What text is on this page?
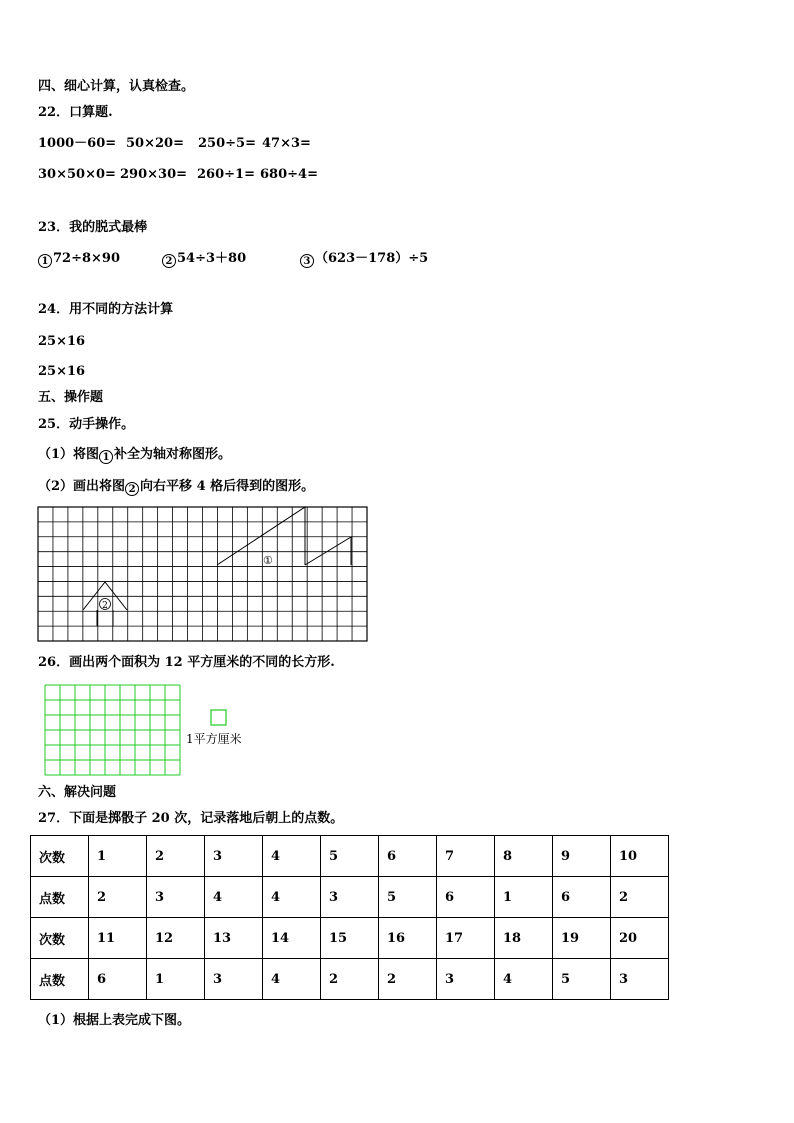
四、细心计算，认真检查。
22．口算题.
1000－60= 50×20=	250÷5= 47×3=
30×50×0= 290×30= 260÷1= 680÷4=
23．我的脱式最棒
1 72÷8×90	2 54÷3＋80	3 （623－178）÷5
24．用不同的方法计算
25×16
25×16
五、操作题
25．动手操作。
（1）将图 1 补全为轴对称图形。
（2）画出将图 2 向右平移 4 格后得到的图形。
①
2
26．画出两个面积为 12 平方厘米的不同的长方形.
1平方厘米
六、解决问题
27．下面是掷骰子 20 次，记录落地后朝上的点数。
次数	1	2	3	4	5	6	7	8	9	10
点数	2	3	4	4	3	5	6	1	6	2
次数	11	12	13	14	15	16	17	18	19	20
点数	6	1	3	4	2	2	3	4	5	3
（1）根据上表完成下图。
